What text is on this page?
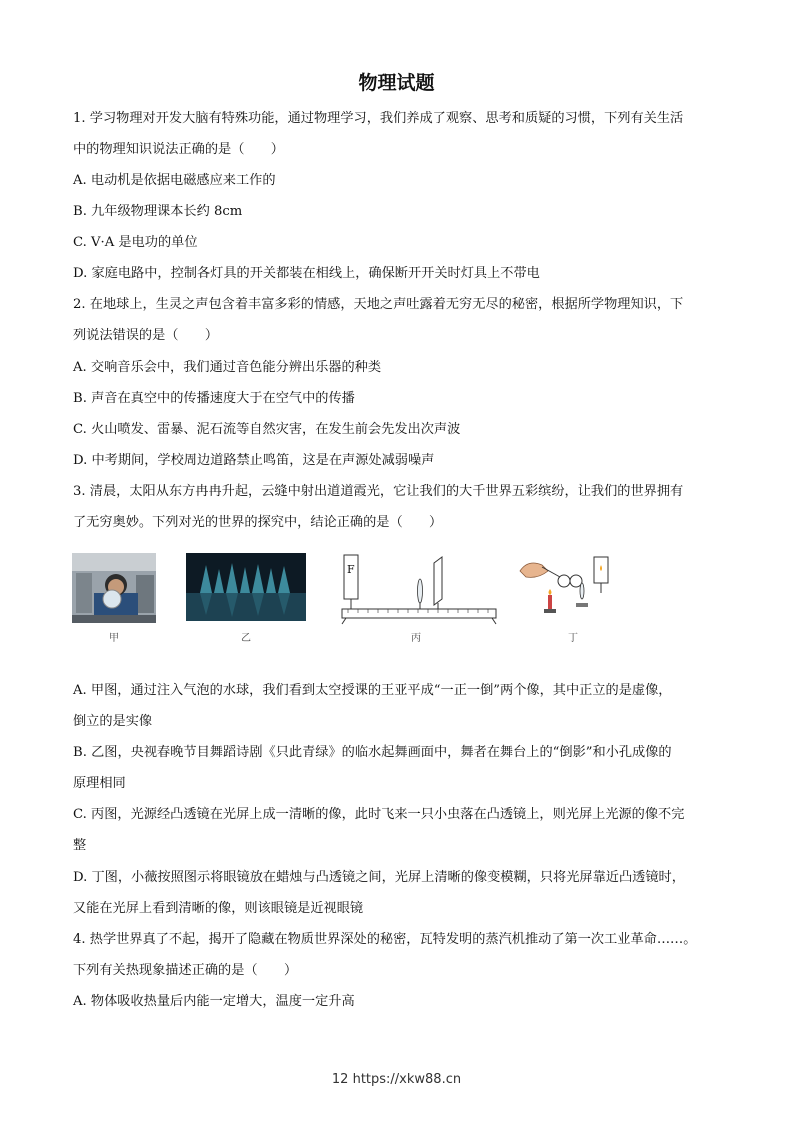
物理试题
1. 学习物理对开发大脑有特殊功能，通过物理学习，我们养成了观察、思考和质疑的习惯，下列有关生活
中的物理知识说法正确的是（　　）
A. 电动机是依据电磁感应来工作的
B. 九年级物理课本长约 8cm
C. V·A 是电功的单位
D. 家庭电路中，控制各灯具的开关都装在相线上，确保断开开关时灯具上不带电
2. 在地球上，生灵之声包含着丰富多彩的情感，天地之声吐露着无穷无尽的秘密，根据所学物理知识，下
列说法错误的是（　　）
A. 交响音乐会中，我们通过音色能分辨出乐器的种类
B. 声音在真空中的传播速度大于在空气中的传播
C. 火山喷发、雷暴、泥石流等自然灾害，在发生前会先发出次声波
D. 中考期间，学校周边道路禁止鸣笛，这是在声源处减弱噪声
3. 清晨，太阳从东方冉冉升起，云缝中射出道道霞光，它让我们的大千世界五彩缤纷，让我们的世界拥有
了无穷奥妙。下列对光的世界的探究中，结论正确的是（　　）
甲	乙
F
丙	丁
A. 甲图，通过注入气泡的水球，我们看到太空授课的王亚平成“一正一倒”两个像，其中正立的是虚像，
倒立的是实像
B. 乙图，央视春晚节目舞蹈诗剧《只此青绿》的临水起舞画面中，舞者在舞台上的“倒影”和小孔成像的
原理相同
C. 丙图，光源经凸透镜在光屏上成一清晰的像，此时飞来一只小虫落在凸透镜上，则光屏上光源的像不完
整
D. 丁图，小薇按照图示将眼镜放在蜡烛与凸透镜之间，光屏上清晰的像变模糊，只将光屏靠近凸透镜时，
又能在光屏上看到清晰的像，则该眼镜是近视眼镜
4. 热学世界真了不起，揭开了隐藏在物质世界深处的秘密，瓦特发明的蒸汽机推动了第一次工业革命……。
下列有关热现象描述正确的是（　　）
A. 物体吸收热量后内能一定增大，温度一定升高
12 https://xkw88.cn
